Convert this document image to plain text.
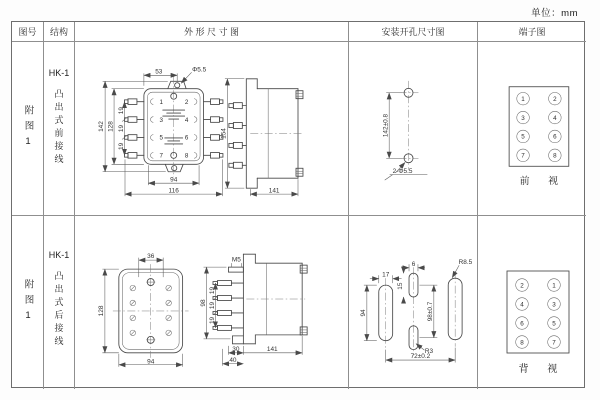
单位：mm
图号	结构	外 形 尺 寸 图	安装开孔尺寸图	端子图
附图1
HK-1
凸出式前接线	1	2
3	4
5	6
7	8
53	Φ5.5
142 128
19
19
19
94
116
154
141
142±0.8
2-Φ5.5
1	2
3	4
5	6
7	8
前 视
附图1
HK-1
凸出式后接线
36
128
94
M5
98
19
19
19
30	141
40
17
94
6
15
98±0.7
R3
R8.5
72±0.2
2	1
4	3
6	5
8	7
背 视
